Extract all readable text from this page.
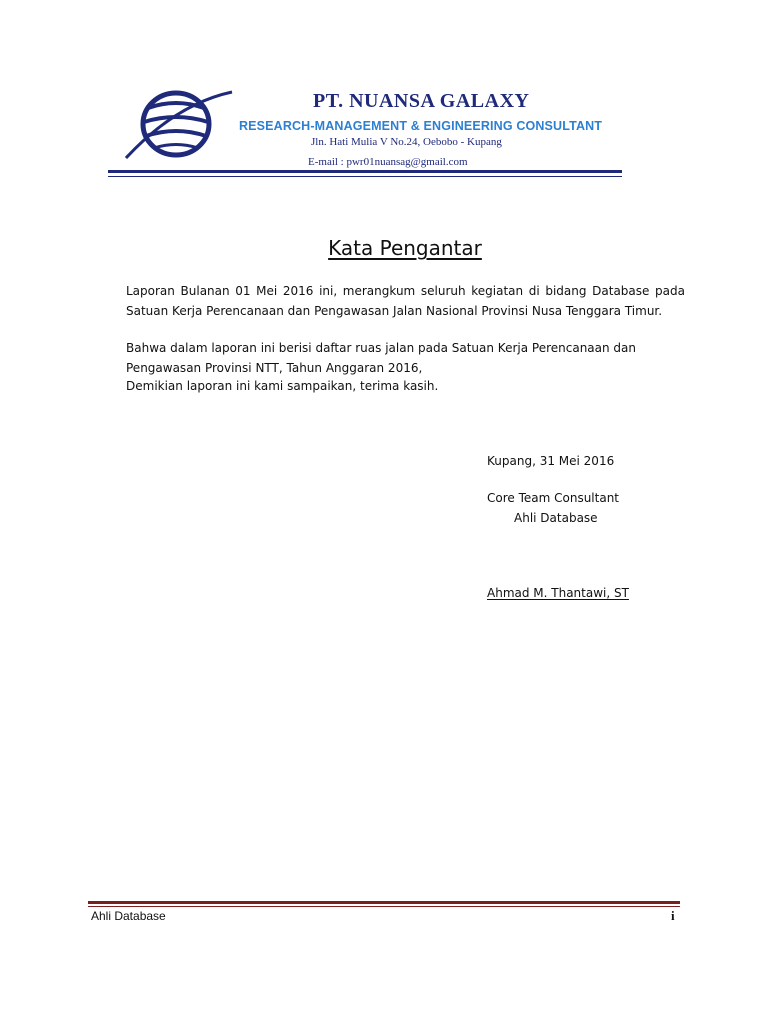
PT. NUANSA GALAXY
RESEARCH-MANAGEMENT & ENGINEERING CONSULTANT
Jln. Hati Mulia V No.24, Oebobo - Kupang
E-mail : pwr01nuansag@gmail.com
Kata Pengantar
Laporan Bulanan 01 Mei 2016 ini, merangkum seluruh kegiatan di bidang Database pada Satuan Kerja Perencanaan dan Pengawasan Jalan Nasional Provinsi Nusa Tenggara Timur.
Bahwa dalam laporan ini berisi daftar ruas jalan pada Satuan Kerja Perencanaan dan
Pengawasan Provinsi NTT, Tahun Anggaran 2016,
Demikian laporan ini kami sampaikan, terima kasih.
Kupang, 31 Mei 2016
Core Team Consultant
Ahli Database
Ahmad M. Thantawi, ST
Ahli Database	i
